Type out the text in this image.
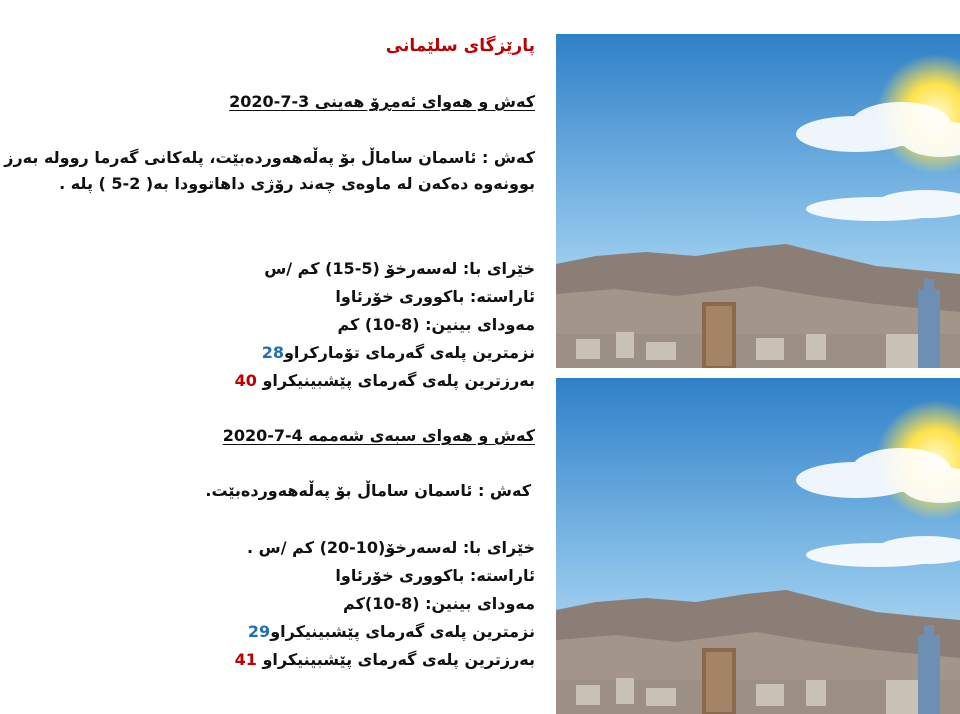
پارێزگای سلێمانی
کەش و هەوای ئەمڕۆ هەینی 3-7-2020
کەش : ئاسمان ساماڵ بۆ پەڵەهەوردەبێت، پلەکانی گەرما رووله بەرز
بوونەوە دەکەن لە ماوەی چەند رۆژی داهاتوودا بە( 2-5 ) پلە .
خێرای با: لەسەرخۆ (5-15) کم /س
ئاراستە: باکووری خۆرئاوا
مەودای بینین: (8-10) کم
نزمترین پلەی گەرمای تۆمارکراو28
بەرزترین پلەی گەرمای پێشبینیکراو 40
کەش و هەوای سبەی شەممە 4-7-2020
کەش : ئاسمان ساماڵ بۆ پەڵەهەوردەبێت.
خێرای با: لەسەرخۆ(10-20) کم /س .
ئاراستە: باکووری خۆرئاوا
مەودای بینین: (8-10)کم
نزمترین پلەی گەرمای پێشبینیکراو29
بەرزترین پلەی گەرمای پێشبینیکراو 41
